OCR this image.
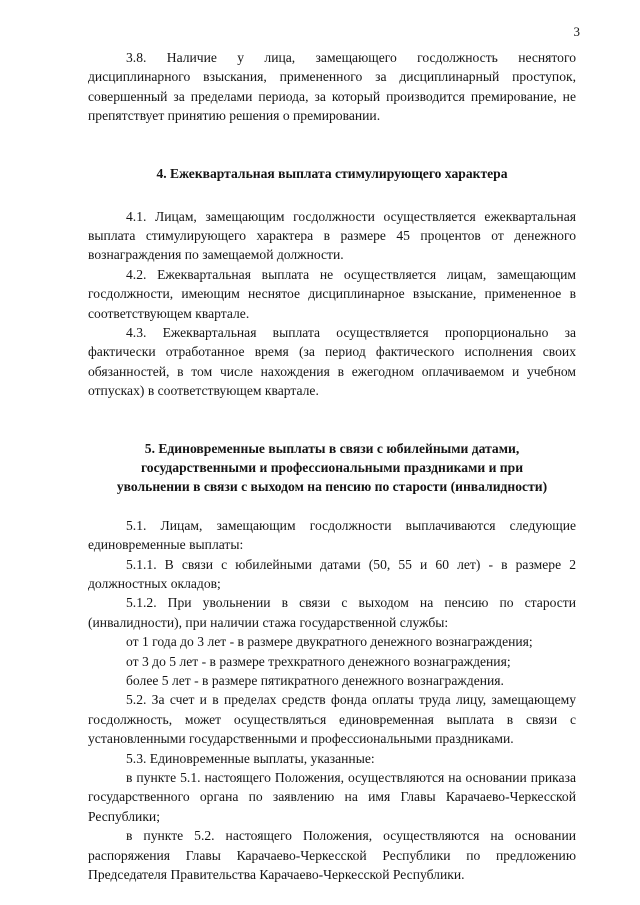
3

3.8. Наличие у лица, замещающего госдолжность неснятого дисциплинарного взыскания, примененного за дисциплинарный проступок, совершенный за пределами периода, за который производится премирование, не препятствует принятию решения о премировании.

4. Ежеквартальная выплата стимулирующего характера

4.1. Лицам, замещающим госдолжности осуществляется ежеквартальная выплата стимулирующего характера в размере 45 процентов от денежного вознаграждения по замещаемой должности.

4.2. Ежеквартальная выплата не осуществляется лицам, замещающим госдолжности, имеющим неснятое дисциплинарное взыскание, примененное в соответствующем квартале.

4.3. Ежеквартальная выплата осуществляется пропорционально за фактически отработанное время (за период фактического исполнения своих обязанностей, в том числе нахождения в ежегодном оплачиваемом и учебном отпусках) в соответствующем квартале.

5. Единовременные выплаты в связи с юбилейными датами,

государственными и профессиональными праздниками и при

увольнении в связи с выходом на пенсию по старости (инвалидности)

5.1. Лицам, замещающим госдолжности выплачиваются следующие единовременные выплаты:

5.1.1. В связи с юбилейными датами (50, 55 и 60 лет) - в размере 2 должностных окладов;

5.1.2. При увольнении в связи с выходом на пенсию по старости (инвалидности), при наличии стажа государственной службы:

от 1 года до 3 лет - в размере двукратного денежного вознаграждения;

от 3 до 5 лет - в размере трехкратного денежного вознаграждения;

более 5 лет - в размере пятикратного денежного вознаграждения.

5.2. За счет и в пределах средств фонда оплаты труда лицу, замещающему госдолжность, может осуществляться единовременная выплата в связи с установленными государственными и профессиональными праздниками.

5.3. Единовременные выплаты, указанные:

в пункте 5.1. настоящего Положения, осуществляются на основании приказа государственного органа по заявлению на имя Главы Карачаево-Черкесской Республики;

в пункте 5.2. настоящего Положения, осуществляются на основании распоряжения Главы Карачаево-Черкесской Республики по предложению Председателя Правительства Карачаево-Черкесской Республики.
